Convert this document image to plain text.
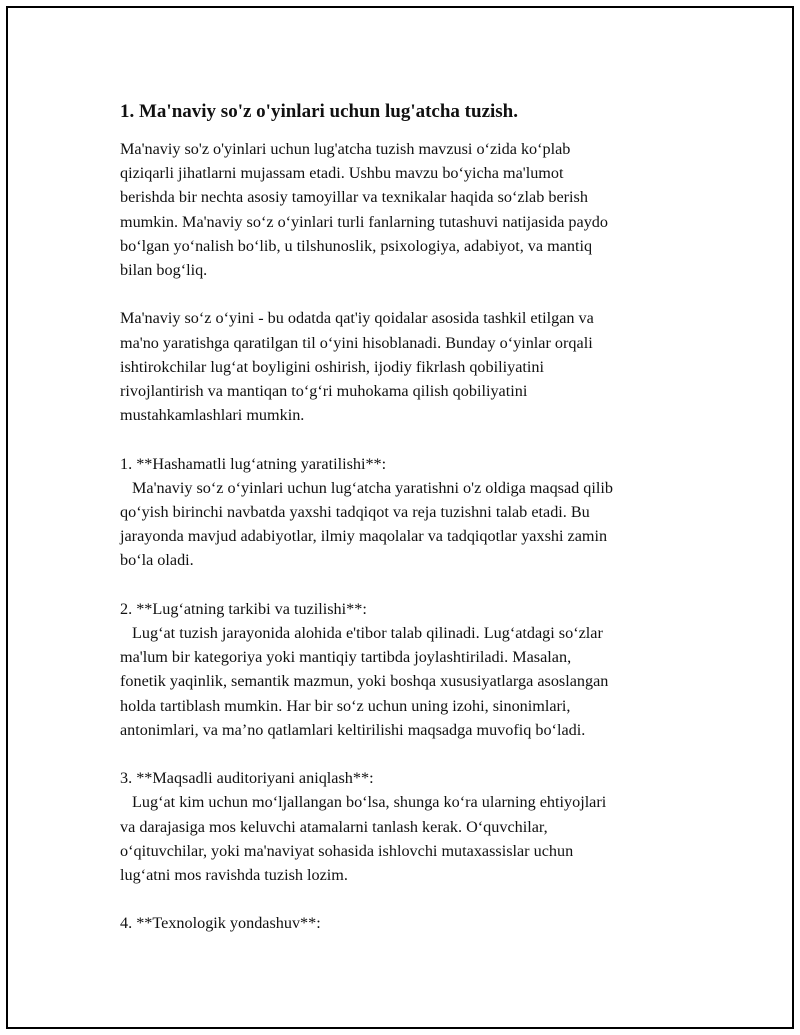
1. Ma'naviy so'z o'yinlari uchun lug'atcha tuzish.

Ma'naviy so'z o'yinlari uchun lug'atcha tuzish mavzusi o‘zida ko‘plab
qiziqarli jihatlarni mujassam etadi. Ushbu mavzu bo‘yicha ma'lumot
berishda bir nechta asosiy tamoyillar va texnikalar haqida so‘zlab berish
mumkin. Ma'naviy so‘z o‘yinlari turli fanlarning tutashuvi natijasida paydo
bo‘lgan yo‘nalish bo‘lib, u tilshunoslik, psixologiya, adabiyot, va mantiq
bilan bog‘liq.

Ma'naviy so‘z o‘yini - bu odatda qat'iy qoidalar asosida tashkil etilgan va
ma'no yaratishga qaratilgan til o‘yini hisoblanadi. Bunday o‘yinlar orqali
ishtirokchilar lug‘at boyligini oshirish, ijodiy fikrlash qobiliyatini
rivojlantirish va mantiqan to‘g‘ri muhokama qilish qobiliyatini
mustahkamlashlari mumkin.

1. **Hashamatli lug‘atning yaratilishi**:

Ma'naviy so‘z o‘yinlari uchun lug‘atcha yaratishni o'z oldiga maqsad qilib
qo‘yish birinchi navbatda yaxshi tadqiqot va reja tuzishni talab etadi. Bu
jarayonda mavjud adabiyotlar, ilmiy maqolalar va tadqiqotlar yaxshi zamin
bo‘la oladi.

2. **Lug‘atning tarkibi va tuzilishi**:

Lug‘at tuzish jarayonida alohida e'tibor talab qilinadi. Lug‘atdagi so‘zlar
ma'lum bir kategoriya yoki mantiqiy tartibda joylashtiriladi. Masalan,
fonetik yaqinlik, semantik mazmun, yoki boshqa xususiyatlarga asoslangan
holda tartiblash mumkin. Har bir so‘z uchun uning izohi, sinonimlari,
antonimlari, va ma’no qatlamlari keltirilishi maqsadga muvofiq bo‘ladi.

3. **Maqsadli auditoriyani aniqlash**:

Lug‘at kim uchun mo‘ljallangan bo‘lsa, shunga ko‘ra ularning ehtiyojlari
va darajasiga mos keluvchi atamalarni tanlash kerak. O‘quvchilar,
o‘qituvchilar, yoki ma'naviyat sohasida ishlovchi mutaxassislar uchun
lug‘atni mos ravishda tuzish lozim.

4. **Texnologik yondashuv**:
